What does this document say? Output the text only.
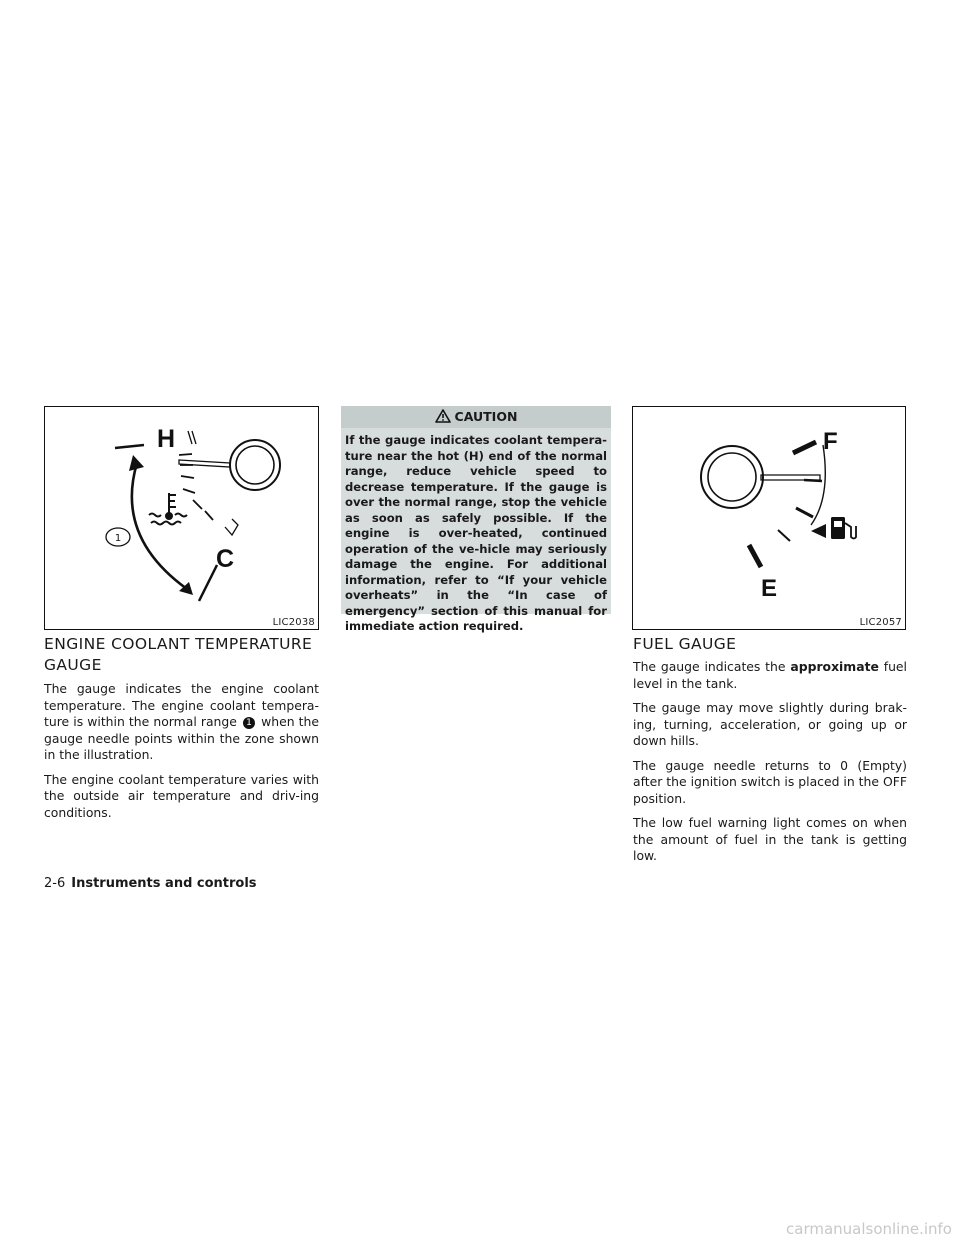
H
C
1
LIC2038
ENGINE COOLANT TEMPERATURE GAUGE

The gauge indicates the engine coolant temperature. The engine coolant tempera-ture is within the normal range 1 when the gauge needle points within the zone shown in the illustration.

The engine coolant temperature varies with the outside air temperature and driv-ing conditions.

CAUTION
If the gauge indicates coolant tempera-ture near the hot (H) end of the normal range, reduce vehicle speed to decrease temperature. If the gauge is over the normal range, stop the vehicle as soon as safely possible. If the engine is over-heated, continued operation of the ve-hicle may seriously damage the engine. For additional information, refer to “If your vehicle overheats” in the “In case of emergency” section of this manual for immediate action required.
F
E
LIC2057
FUEL GAUGE

The gauge indicates the approximate fuel level in the tank.

The gauge may move slightly during brak-ing, turning, acceleration, or going up or down hills.

The gauge needle returns to 0 (Empty) after the ignition switch is placed in the OFF position.

The low fuel warning light comes on when the amount of fuel in the tank is getting low.

2-6 Instruments and controls
carmanualsonline.info
